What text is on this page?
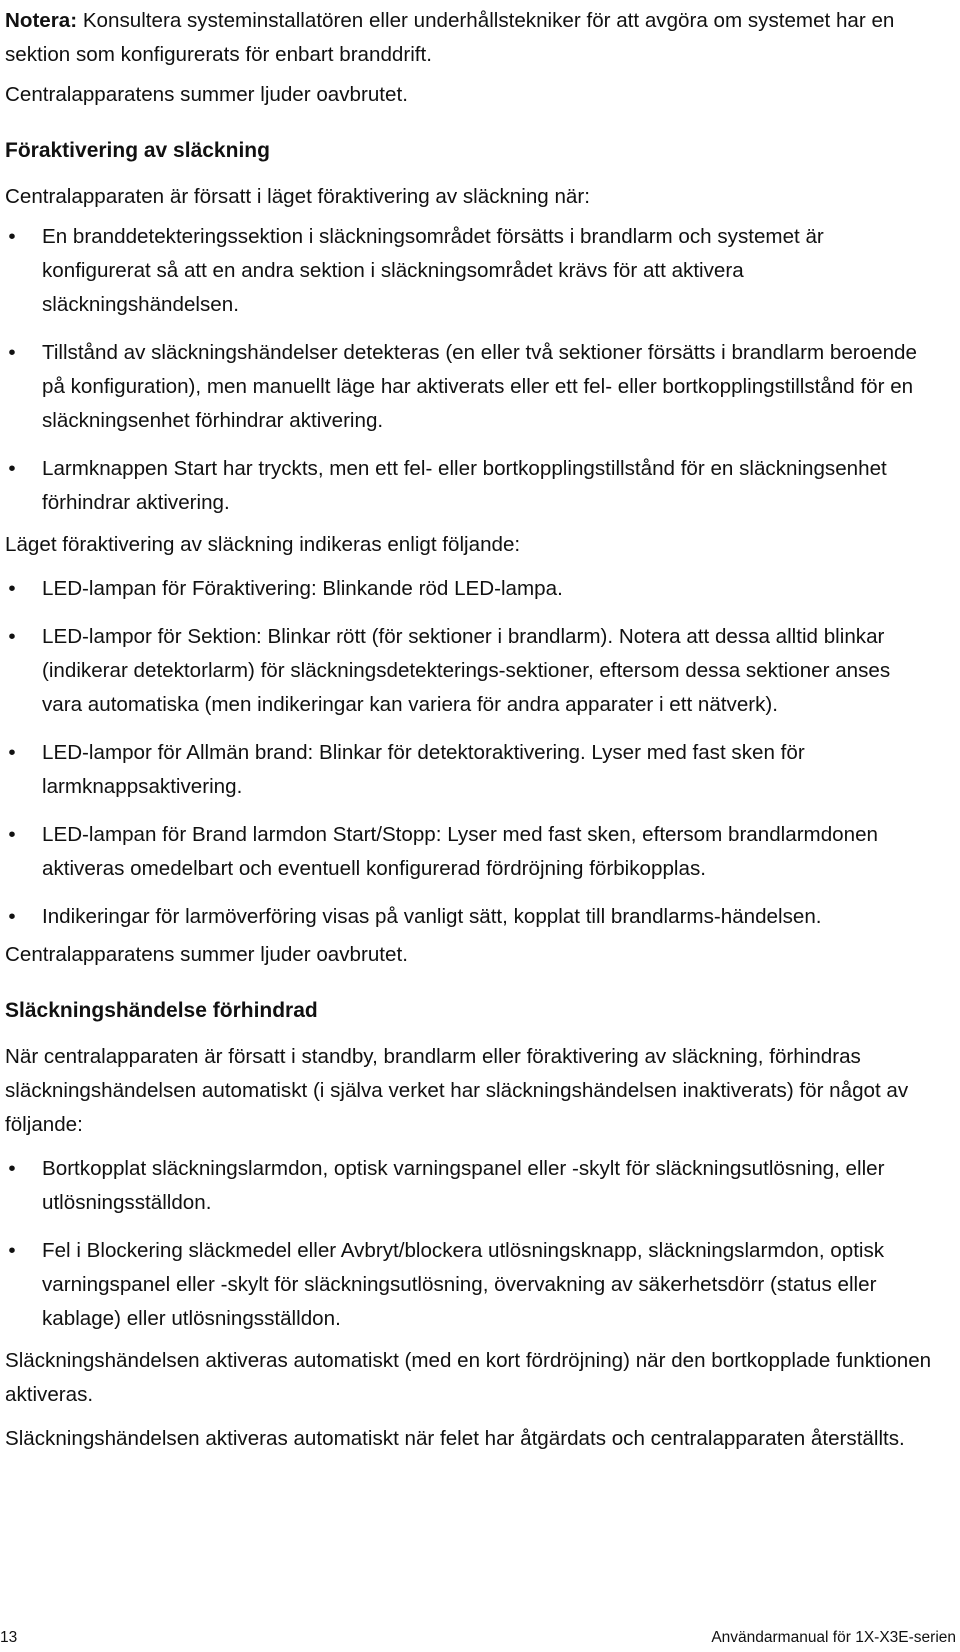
Notera: Konsultera systeminstallatören eller underhållstekniker för att avgöra om systemet har en sektion som konfigurerats för enbart branddrift.

Centralapparatens summer ljuder oavbrutet.

Föraktivering av släckning

Centralapparaten är försatt i läget föraktivering av släckning när:

• En branddetekteringssektion i släckningsområdet försätts i brandlarm och systemet är konfigurerat så att en andra sektion i släckningsområdet krävs för att aktivera släckningshändelsen.
• Tillstånd av släckningshändelser detekteras (en eller två sektioner försätts i brandlarm beroende på konfiguration), men manuellt läge har aktiverats eller ett fel- eller bortkopplingstillstånd för en släckningsenhet förhindrar aktivering.
• Larmknappen Start har tryckts, men ett fel- eller bortkopplingstillstånd för en släckningsenhet förhindrar aktivering.

Läget föraktivering av släckning indikeras enligt följande:

• LED-lampan för Föraktivering: Blinkande röd LED-lampa.
• LED-lampor för Sektion: Blinkar rött (för sektioner i brandlarm). Notera att dessa alltid blinkar (indikerar detektorlarm) för släckningsdetekterings-sektioner, eftersom dessa sektioner anses vara automatiska (men indikeringar kan variera för andra apparater i ett nätverk).
• LED-lampor för Allmän brand: Blinkar för detektoraktivering. Lyser med fast sken för larmknappsaktivering.
• LED-lampan för Brand larmdon Start/Stopp: Lyser med fast sken, eftersom brandlarmdonen aktiveras omedelbart och eventuell konfigurerad fördröjning förbikopplas.
• Indikeringar för larmöverföring visas på vanligt sätt, kopplat till brandlarms-händelsen.

Centralapparatens summer ljuder oavbrutet.

Släckningshändelse förhindrad

När centralapparaten är försatt i standby, brandlarm eller föraktivering av släckning, förhindras släckningshändelsen automatiskt (i själva verket har släckningshändelsen inaktiverats) för något av följande:

• Bortkopplat släckningslarmdon, optisk varningspanel eller -skylt för släckningsutlösning, eller utlösningsställdon.
• Fel i Blockering släckmedel eller Avbryt/blockera utlösningsknapp, släckningslarmdon, optisk varningspanel eller -skylt för släckningsutlösning, övervakning av säkerhetsdörr (status eller kablage) eller utlösningsställdon.

Släckningshändelsen aktiveras automatiskt (med en kort fördröjning) när den bortkopplade funktionen aktiveras.

Släckningshändelsen aktiveras automatiskt när felet har åtgärdats och centralapparaten återställts.

13	Användarmanual för 1X-X3E-serien
